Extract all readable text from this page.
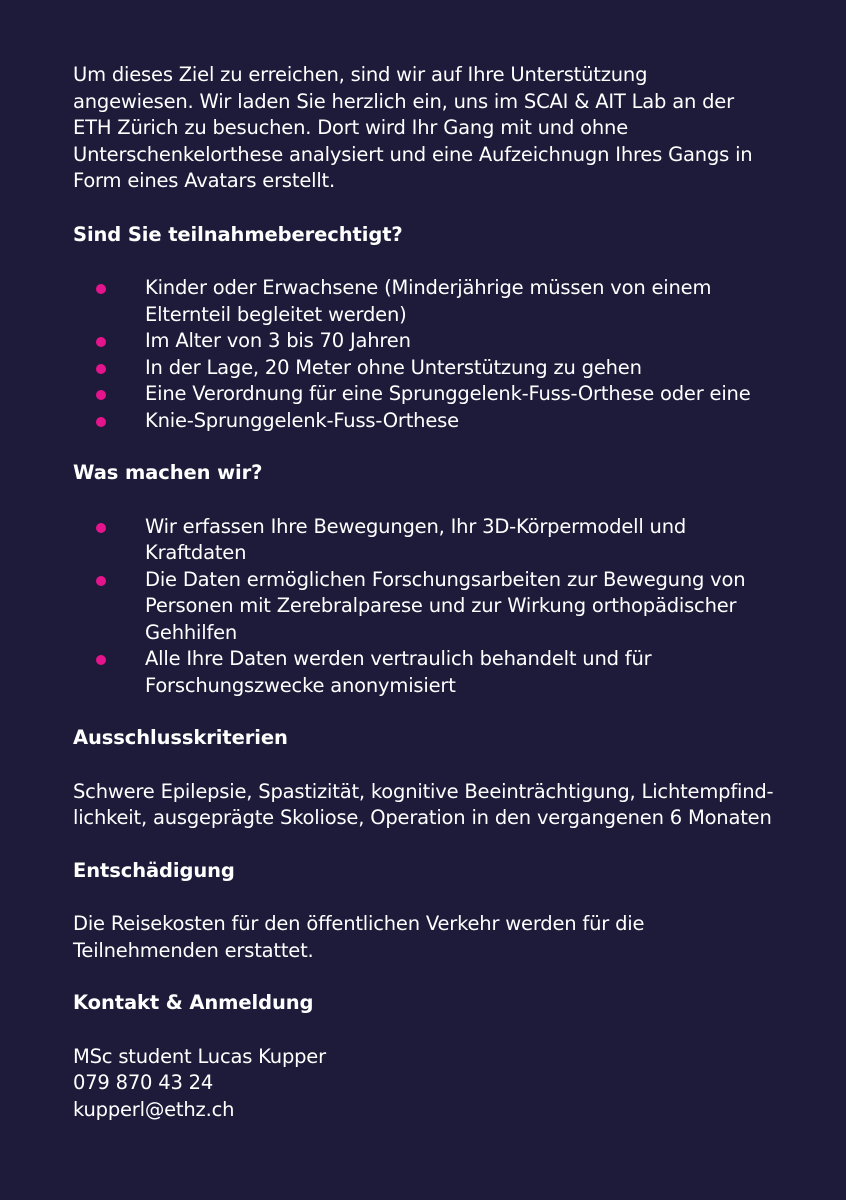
Um dieses Ziel zu erreichen, sind wir auf Ihre Unterstützung angewiesen. Wir laden Sie herzlich ein, uns im SCAI & AIT Lab an der ETH Zürich zu besuchen. Dort wird Ihr Gang mit und ohne Unterschenkelorthese analysiert und eine Aufzeichnugn Ihres Gangs in Form eines Avatars erstellt.

Sind Sie teilnahmeberechtigt?
Kinder oder Erwachsene (Minderjährige müssen von einem Elternteil begleitet werden)
Im Alter von 3 bis 70 Jahren
In der Lage, 20 Meter ohne Unterstützung zu gehen
Eine Verordnung für eine Sprunggelenk-Fuss-Orthese oder eine
Knie-Sprunggelenk-Fuss-Orthese
Was machen wir?
Wir erfassen Ihre Bewegungen, Ihr 3D-Körpermodell und Kraftdaten
Die Daten ermöglichen Forschungsarbeiten zur Bewegung von Personen mit Zerebralparese und zur Wirkung orthopädischer Gehhilfen
Alle Ihre Daten werden vertraulich behandelt und für Forschungszwecke anonymisiert
Ausschlusskriterien

Schwere Epilepsie, Spastizität, kognitive Beeinträchtigung, Lichtempfindlichkeit, ausgeprägte Skoliose, Operation in den vergangenen 6 Monaten

Entschädigung

Die Reisekosten für den öffentlichen Verkehr werden für die Teilnehmenden erstattet.

Kontakt & Anmeldung

MSc student Lucas Kupper

079 870 43 24

kupperl@ethz.ch
